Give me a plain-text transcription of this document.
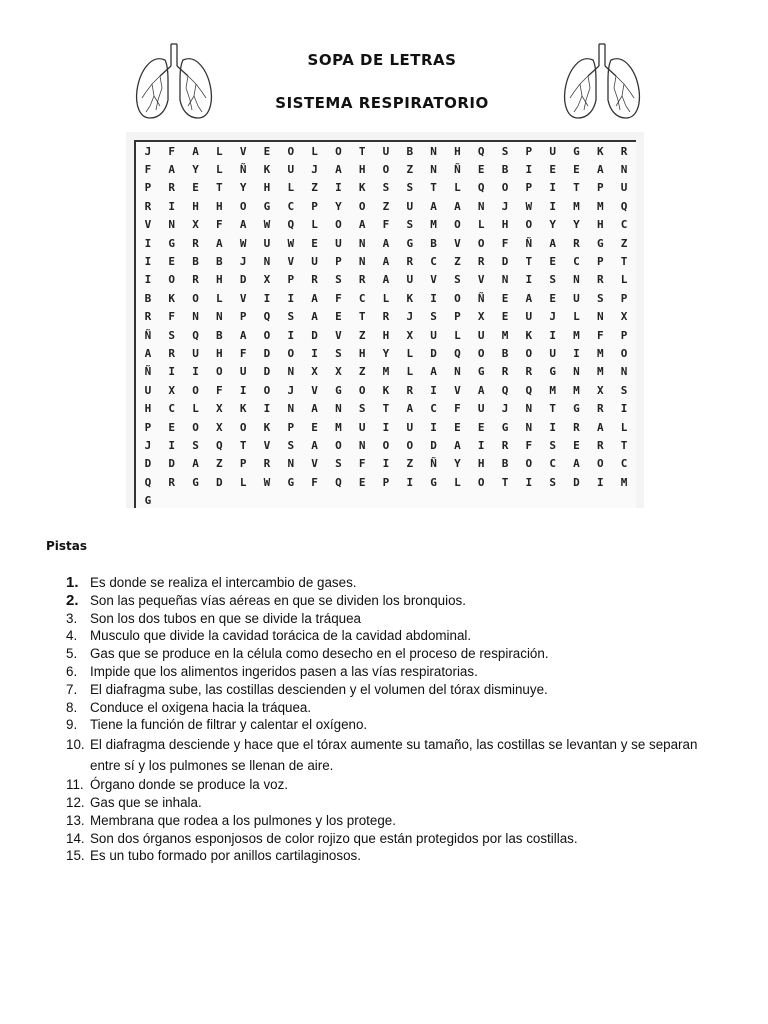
SOPA DE LETRAS
SISTEMA RESPIRATORIO
J	F	A	L	V	E	O	L	O	T	U	B	N	H	Q	S	P	U	G	K	R
F	A	Y	L	Ñ	K	U	J	A	H	O	Z	N	Ñ	E	B	I	E	E	A	N
P	R	E	T	Y	H	L	Z	I	K	S	S	T	L	Q	O	P	I	T	P	U
R	I	H	H	O	G	C	P	Y	O	Z	U	A	A	N	J	W	I	M	M	Q
V	N	X	F	A	W	Q	L	O	A	F	S	M	O	L	H	O	Y	Y	H	C
I	G	R	A	W	U	W	E	U	N	A	G	B	V	O	F	Ñ	A	R	G	Z
I	E	B	B	J	N	V	U	P	N	A	R	C	Z	R	D	T	E	C	P	T
I	O	R	H	D	X	P	R	S	R	A	U	V	S	V	N	I	S	N	R	L
B	K	O	L	V	I	I	A	F	C	L	K	I	O	Ñ	E	A	E	U	S	P
R	F	N	N	P	Q	S	A	E	T	R	J	S	P	X	E	U	J	L	N	X
Ñ	S	Q	B	A	O	I	D	V	Z	H	X	U	L	U	M	K	I	M	F	P
A	R	U	H	F	D	O	I	S	H	Y	L	D	Q	O	B	O	U	I	M	O
Ñ	I	I	O	U	D	N	X	X	Z	M	L	A	N	G	R	R	G	N	M	N
U	X	O	F	I	O	J	V	G	O	K	R	I	V	A	Q	Q	M	M	X	S
H	C	L	X	K	I	N	A	N	S	T	A	C	F	U	J	N	T	G	R	I
P	E	O	X	O	K	P	E	M	U	I	U	I	E	E	G	N	I	R	A	L
J	I	S	Q	T	V	S	A	O	N	O	O	D	A	I	R	F	S	E	R	T
D	D	A	Z	P	R	N	V	S	F	I	Z	Ñ	Y	H	B	O	C	A	O	C
Q	R	G	D	L	W	G	F	Q	E	P	I	G	L	O	T	I	S	D	I	M
G
Pistas
1. Es donde se realiza el intercambio de gases.
2. Son las pequeñas vías aéreas en que se dividen los bronquios.
3. Son los dos tubos en que se divide la tráquea
4. Musculo que divide la cavidad torácica de la cavidad abdominal.
5. Gas que se produce en la célula como desecho en el proceso de respiración.
6. Impide que los alimentos ingeridos pasen a las vías respiratorias.
7. El diafragma sube, las costillas descienden y el volumen del tórax disminuye.
8. Conduce el oxigena hacia la tráquea.
9. Tiene la función de filtrar y calentar el oxígeno.
10. El diafragma desciende y hace que el tórax aumente su tamaño, las costillas se levantan y se separan entre sí y los pulmones se llenan de aire.
11. Órgano donde se produce la voz.
12. Gas que se inhala.
13. Membrana que rodea a los pulmones y los protege.
14. Son dos órganos esponjosos de color rojizo que están protegidos por las costillas.
15. Es un tubo formado por anillos cartilaginosos.
